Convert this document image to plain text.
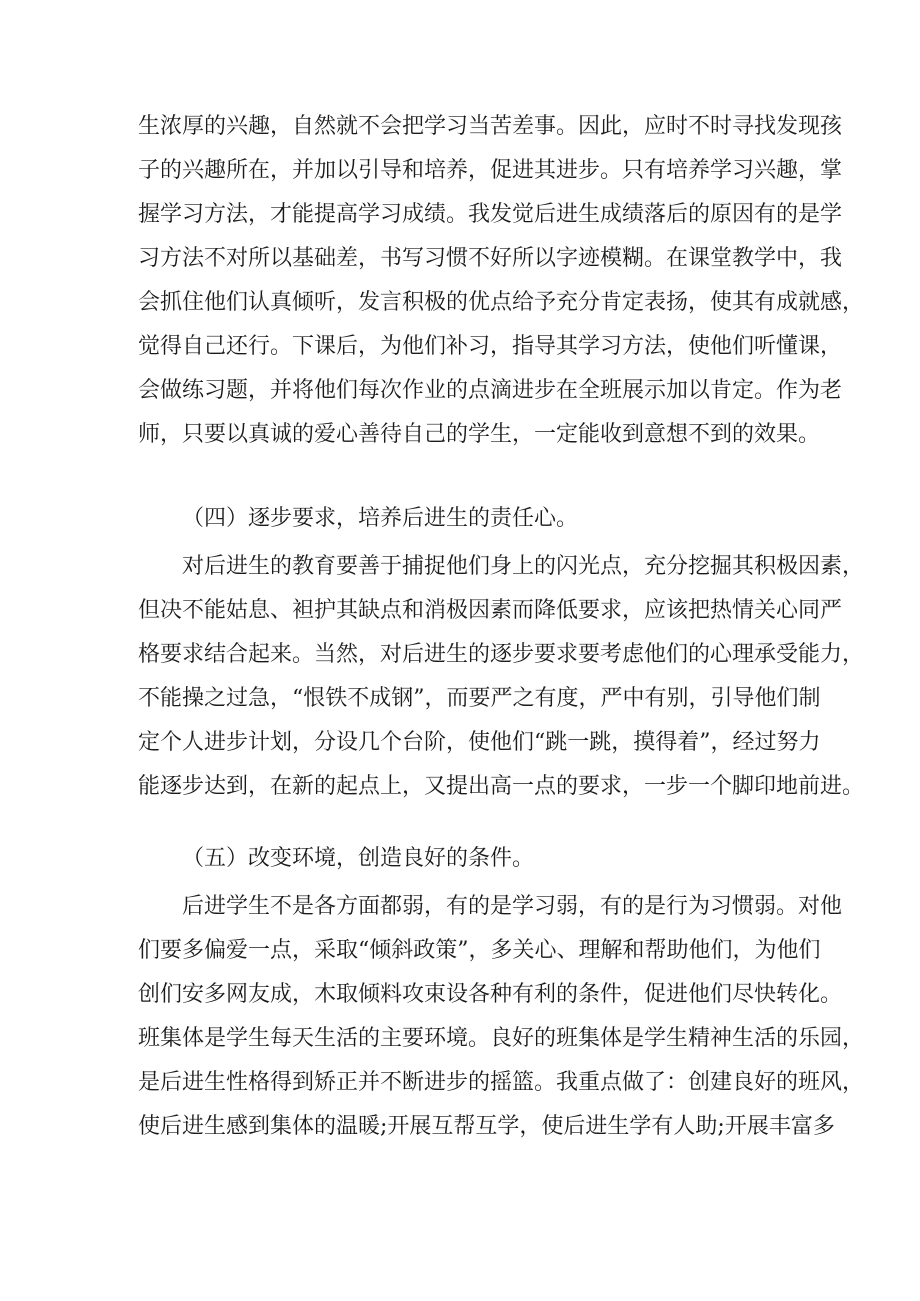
生浓厚的兴趣，自然就不会把学习当苦差事。因此，应时不时寻找发现孩
子的兴趣所在，并加以引导和培养，促进其进步。只有培养学习兴趣，掌
握学习方法，才能提高学习成绩。我发觉后进生成绩落后的原因有的是学
习方法不对所以基础差，书写习惯不好所以字迹模糊。在课堂教学中，我
会抓住他们认真倾听，发言积极的优点给予充分肯定表扬，使其有成就感，
觉得自己还行。下课后，为他们补习，指导其学习方法，使他们听懂课，
会做练习题，并将他们每次作业的点滴进步在全班展示加以肯定。作为老
师，只要以真诚的爱心善待自己的学生，一定能收到意想不到的效果。
（四）逐步要求，培养后进生的责任心。
对后进生的教育要善于捕捉他们身上的闪光点，充分挖掘其积极因素，
但决不能姑息、袒护其缺点和消极因素而降低要求，应该把热情关心同严
格要求结合起来。当然，对后进生的逐步要求要考虑他们的心理承受能力，
不能操之过急，“恨铁不成钢”，而要严之有度，严中有别，引导他们制
定个人进步计划，分设几个台阶，使他们“跳一跳，摸得着”，经过努力
能逐步达到，在新的起点上，又提出高一点的要求，一步一个脚印地前进。
（五）改变环境，创造良好的条件。
后进学生不是各方面都弱，有的是学习弱，有的是行为习惯弱。对他
们要多偏爱一点，采取“倾斜政策”，多关心、理解和帮助他们，为他们
创们安多网友成，木取倾料攻束设各种有利的条件，促进他们尽快转化。
班集体是学生每天生活的主要环境。良好的班集体是学生精神生活的乐园，
是后进生性格得到矫正并不断进步的摇篮。我重点做了：创建良好的班风，
使后进生感到集体的温暖;开展互帮互学，使后进生学有人助;开展丰富多
